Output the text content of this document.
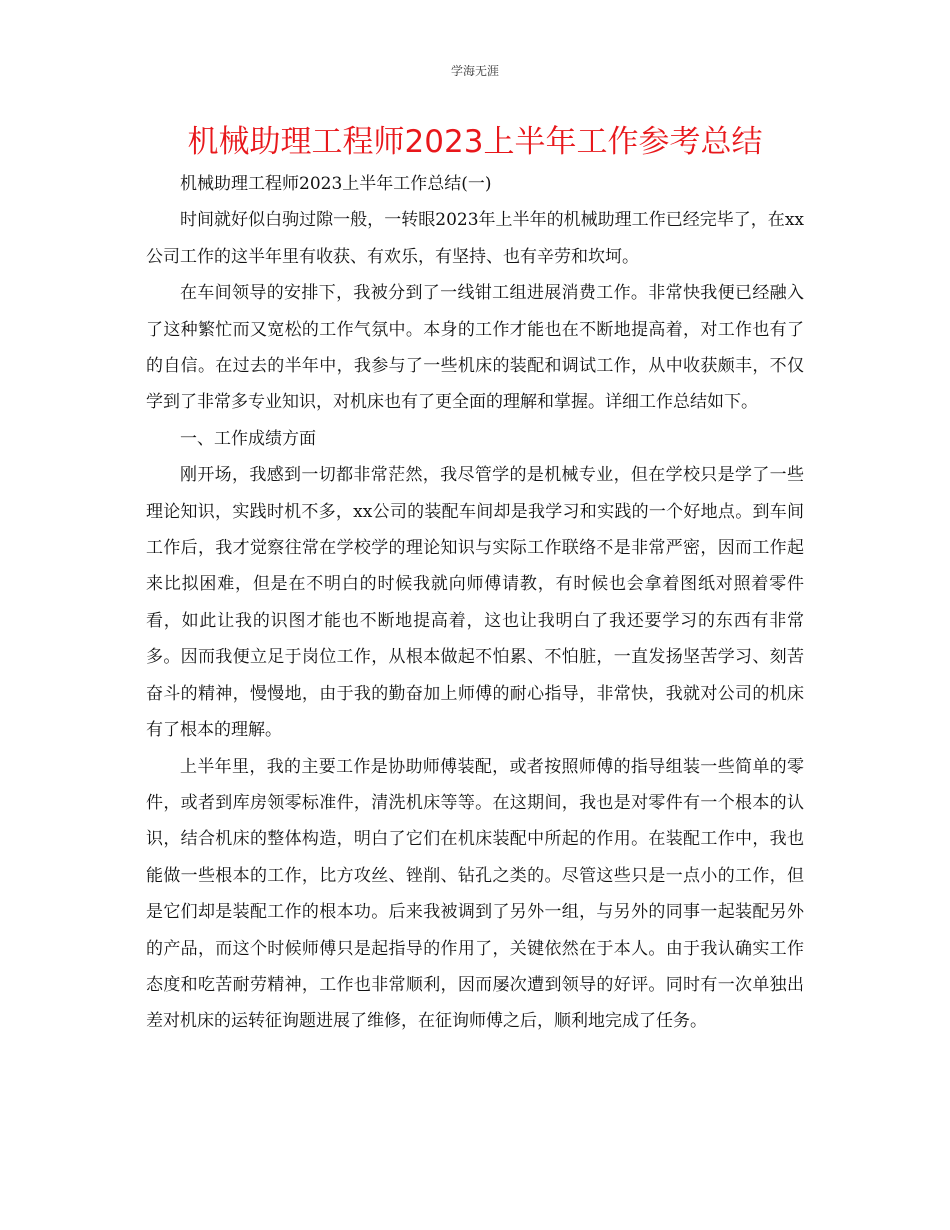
学海无涯
机械助理工程师2023上半年工作参考总结

机械助理工程师2023上半年工作总结(一)

时间就好似白驹过隙一般，一转眼2023年上半年的机械助理工作已经完毕了，在xx公司工作的这半年里有收获、有欢乐，有坚持、也有辛劳和坎坷。

在车间领导的安排下，我被分到了一线钳工组进展消费工作。非常快我便已经融入了这种繁忙而又宽松的工作气氛中。本身的工作才能也在不断地提高着，对工作也有了的自信。在过去的半年中，我参与了一些机床的装配和调试工作，从中收获颇丰，不仅学到了非常多专业知识，对机床也有了更全面的理解和掌握。详细工作总结如下。

一、工作成绩方面

刚开场，我感到一切都非常茫然，我尽管学的是机械专业，但在学校只是学了一些理论知识，实践时机不多，xx公司的装配车间却是我学习和实践的一个好地点。到车间工作后，我才觉察往常在学校学的理论知识与实际工作联络不是非常严密，因而工作起来比拟困难，但是在不明白的时候我就向师傅请教，有时候也会拿着图纸对照着零件看，如此让我的识图才能也不断地提高着，这也让我明白了我还要学习的东西有非常多。因而我便立足于岗位工作，从根本做起不怕累、不怕脏，一直发扬坚苦学习、刻苦奋斗的精神，慢慢地，由于我的勤奋加上师傅的耐心指导，非常快，我就对公司的机床有了根本的理解。

上半年里，我的主要工作是协助师傅装配，或者按照师傅的指导组装一些简单的零件，或者到库房领零标准件，清洗机床等等。在这期间，我也是对零件有一个根本的认识，结合机床的整体构造，明白了它们在机床装配中所起的作用。在装配工作中，我也能做一些根本的工作，比方攻丝、锉削、钻孔之类的。尽管这些只是一点小的工作，但是它们却是装配工作的根本功。后来我被调到了另外一组，与另外的同事一起装配另外的产品，而这个时候师傅只是起指导的作用了，关键依然在于本人。由于我认确实工作态度和吃苦耐劳精神，工作也非常顺利，因而屡次遭到领导的好评。同时有一次单独出差对机床的运转征询题进展了维修，在征询师傅之后，顺利地完成了任务。
